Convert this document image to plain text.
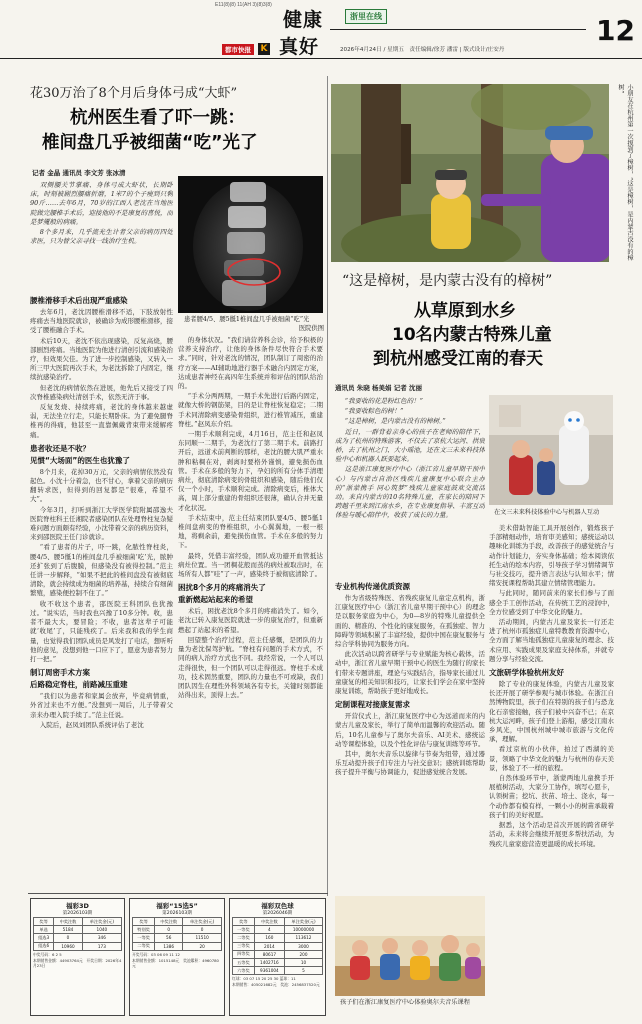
E11(8)(8) 11(AH 3)(8)3(8)
健康
真好
都市快报	K
浙里在线
2026年4月24日 / 星期五　责任编辑/徐芳 潘雷 | 版式设计/庄安丹
12
花30万治了8个月后身体弓成“大虾”
杭州医生看了吓一跳：
椎间盘几乎被细菌“吃”光了
记者 金晶 通讯员 李文芳 张冰清

双侧腰关节掌痛、身体弓成大虾状，长期卧床，时刻被剧烈腰痛折磨，1米7的个子瘦到只剩90斤……去年6月，70岁的江西人老沈在当地医院做完腰椎手术后，迎接他的不是康复的喜悦，而是梦魇般的病痛。

8个多月来，几乎流光生计者父亲的病历四处求医，只为替父亲寻找一线治疗生机。

患者腰4/5、腰5骶1椎间盘几乎被细菌“吃”光
医院供图
腰椎滑移手术后出现严重感染

去年6月，老沈因腰椎滑移不适，下肢放射性疼痛去当地医院就诊，被确诊为成形腰椎滑移，接受了腰椎融合手术。

术后10天，老沈不依出现感染，反复高烧，腰部剧烈疼痛。当地医院为他进行清创引流和感染治疗，但效果欠佳。为了进一步控制感染，又转入一所三甲大医院再次手术，为老沈拆除了内固定，继续抗感染治疗。

但老沈的病情依然在进展，他先后又接受了四次脊椎感染病灶清创手术，依然无济于事。

反复发烧、持续疼痛，老沈的身体越来越虚弱，无法坐立行走，只能长期卧床。为了避免腿脊椎再的得痛，他甚至一直靠佩戴背束带来缓解疼痛。

患者收还是不收？
见惯“大场面”的医生也犹豫了

8个月来，花掉30万元，父亲的病情依然没有起色。小沈十分着急，也不甘心，拿着父亲的病历翻转求医，但得到的回复都是“很难，希望不大”。

今年3月，打听到浙江大学医学院附属邵逸夫医院脊柱科王任湘院者感染团队在处理脊柱复杂疑难问题方面颇有经验，小沈带着父亲的病历资料，来到邵医院王任门诊就诊。

“看了患者的片子，吓一跳，化脓性脊柱炎，腰4/5、腰5骶1的椎间盘几乎被细菌‘吃’光，脓肿还扩张到了后腹膜，但感染没有被得控制。”范主任讲一步解释，“如果不把此的椎间盘没有被彻底清除，就会持续成为细菌的培养基，持续合有细菌繁殖，感染便控制不住了。”

收不收这个患者，邵医院王科团队也犹豫过。“说实话，当时我也兴豫了10多分钟。收，患者不最大大，要冒险；不收，患者这辈子可能就‘收尾’了，只能残疾了。后来我和我的学生商量，也觉得我们团队成员是风发打了电话，想听听他的意见，没想到他一口应下了，愿意为患者努力打一把。”

制订周密手术方案
后路稳定脊柱，前路减压重建

“我们以为患者和家属会放弃，毕竟病情重，外省过来也不方便。”没想到一周后，儿子带着父亲来办理入院手续了。”范主任说。

入院后，赵凤刘团队系统评估了老沈

的身体状况。“我们请营养科会诊，给予积极的营养支持治疗，让他的身体条件尽快符合手术要求。”同时，针对老沈的情况，团队制订了周密的治疗方案——AI辅助地进行器手术融合内固定方案，达成患者神经在高四年生系统并和评估的团队给治的。

“手术分两两期，一期手术先进行后路内固定，就像大桥的钢筋架，目的是让脊柱恢复稳定；二期手术同清除病变感染骨组织，进行椎管减压，重建脊柱。”赵凤东介绍。

一期手术顺利完成，4月16日，范主任和赵凤东同顺一二期手，为老沈行了第二期手术。前路打开后，远道术前判断的那样，老沈的腰大肌严重水肿和粘稠在对，剥离时要格外谨慎，避免损伤血管。手术在多般的努力下，孕妇的所有分体手清理病灶，彻底清除病变的骨组织和感染，随后他们仅仅一个小时，手术顺利完成。清除病变后，椎体大高，周上部分重建的骨组织还很薄，确认合并无量才化状况。

手术结束中，范主任结束团队要4/5、腰5骶1椎间盘病变的脊椎组织，小心翼翼地，一根一根地，将剩余前，避免损伤血管。手术在多般的努力下。

最终，凭借丰富经验，团队成功避开血管抵达病灶位置。当一团稠花般而蒸的病灶被取出时，在场所有人都“哇”了一声，感染终于被彻底清除了。

困扰8个多月的疼痛消失了
重新燃起站起来的希望

术后，困扰老沈8个多月的疼痛消失了。如今，老沈已转入康复医院就进一步的康复治疗，但重新燃起了站起来的希望。

回望整个治疗过程，范主任感慨，是团队的力量为老沈保驾护航。“脊柱有问题的手术方式，不同的病人治疗方式也不同。我经常说，一个人可以走得很快，但一个团队可以走得很远。脊柱手术成功，技术固然重要，团队的力量也不可或缺，我们团队因生在理性外科领域各有专长，关键时刻都能站得出来，顶得上去。”

小朋友在杭州第一次摸到了樟树，“这是樟树，是内蒙古没有的樟树”
“这是樟树，是内蒙古没有的樟树”
从草原到水乡
10名内蒙古特殊儿童
到杭州感受江南的春天
通讯员 朱晓 杨美娟 记者 沈丽

“我要收的花是粉红色的！”

“我要收粽色的树！”

“这是樟树，是内蒙古没有的樟树。”

近日，一群背着亲身心的孩子在老师的陪伴下，成为了杭州的特殊游客，不仅去了京杭大运河、拱宸桥，去了杭州之门、大小瑶池，还在文三未来科技体验中心和机器人跃要起来。

这是浙江康复医疗中心（浙江省儿童早期干预中心）与内蒙古自治区残疾儿童康复中心联合主办的“浙蒙携手 同心筑梦”残疾儿童家庭鼓欢交流活动。来自内蒙古的10名特殊儿童，在家长的陪同下跨越千里来到江南水乡，在专业康复指导、丰富互动体验与暖心陪伴中，收获了成长的力量。	在文三未来科技体验中心与机器人互动
专业机构传递优质资源

作为省级特殊医、省残疾康复儿童定点机构，浙江康复医疗中心（浙江省儿童早期干预中心）的理念是以服务家庭为中心，为0—8岁的特殊儿童提供全面的、精准的、个性化的康复服务，在孤独症、智力障碍等领域积累了丰富经验，提供中国在康复服务与综合学科协同为服务方向。

此次活动以跨省研学与专业赋能为核心载体，活动中，浙江省儿童早期干预中心的医生为随行的家长们带来专题讲座，理论与实践结合，指导家长通过儿童康复的相关知识和技巧，让家长们学会在家中坚持康复训练，帮助孩子更好地成长。

定制课程对接康复需求

开营仪式上，浙江康复医疗中心为远道而来的内蒙古儿童及家长，举行了简单而温馨的欢迎活动。随后，10名儿童参与了奥尔夫音乐、AI美术、感统运动等课程体验，以及个性化评估与康复训练等环节。

其中，奥尔夫音乐以旋律与节奏为纽带，通过器乐互动提升孩子们专注力与社交意识；感统训练帮助孩子提升平衡与协调能力，促进感觉统合发展。

美术借助智能工具开展创作，锻炼孩子手部精细动作，培育审美感知；感统运动以趣味化训练为手段，改善孩子的感觉统合与动作计划能力，夯实身体基础；绘本阅读依托生动的绘本内容，引导孩子学习情绪调节与社交技巧，提升语言表达与认知水平；情绪安抚课程帮助其建立情绪管理能力。

与此同时，随同前来的家长们参与了面感全手工创作活动，在传统工艺的浸润中，全方位感受到了中华文化的魅力。

活动期间，内蒙古儿童及家长一行还走进了杭州市孤独症儿童特教教育资源中心，全方面了解当地孤独症儿童康复的理念、技术应用、实践成果及家庭支持体系，并就专题分享与经验交流。

文旅研学体验杭州友好

除了专业的康复体验，内蒙古儿童及家长还开展了研学参观与城市体验。在浙江自然博物院里，孩子们在特别的孩子们与恐龙化石亲密接触，孩子们被中兴奋不已；在京杭大运河畔，孩子们登上游船，感受江南水乡风光，中国杭州城中城市旅游与文化传承，理解。

看过京杭的小伙伴，拍过了西湖的美景，领略了中华文化的魅力与杭州的春天美景，体验了不一样的旅程。

自然体验环节中，浙蒙两地儿童携手开展植树活动，大家分工协作，填写心愿卡，认领树苗；挖坑、扶苗、培土、浇水，每一个动作都有模有样，一颗小小的树苗承载着孩子们的美好祝愿。

据悉，这个活动是首次开展的跨省研学活动，未来将会继续开展更多帮扶活动，为残疾儿童家庭营造更温暖的成长环境。

孩子们在浙江康复医疗中心体验奥尔夫音乐课程
福彩3D
第2026103期
奖等	中奖注数	单注奖金(元)
单选	5184	1040
组选3	0	346
组选6	10960	173
中奖号码：6 2 5
本期销售金额：44903764元　开奖日期：2026年4月23日
福彩“15选5”
第2026103期
奖等	中奖注数	单注奖金(元)
特别奖	0	0
一等奖	56	11510
二等奖	1386	20
开奖号码：03 06 09 11 12
本期销售金额：1015148元　奖池累积：4960780元
福彩双色球
第2026046期
奖等	中奖注数	单注奖金(元)
一等奖	4	10000000
二等奖	160	113612
三等奖	2014	3000
四等奖	80617	200
五等奖	1402716	10
六等奖	9361004	5
红球：03 07 15 20 25 30 蓝球：11
本期销售：405021682元　奖池：2456837520元
